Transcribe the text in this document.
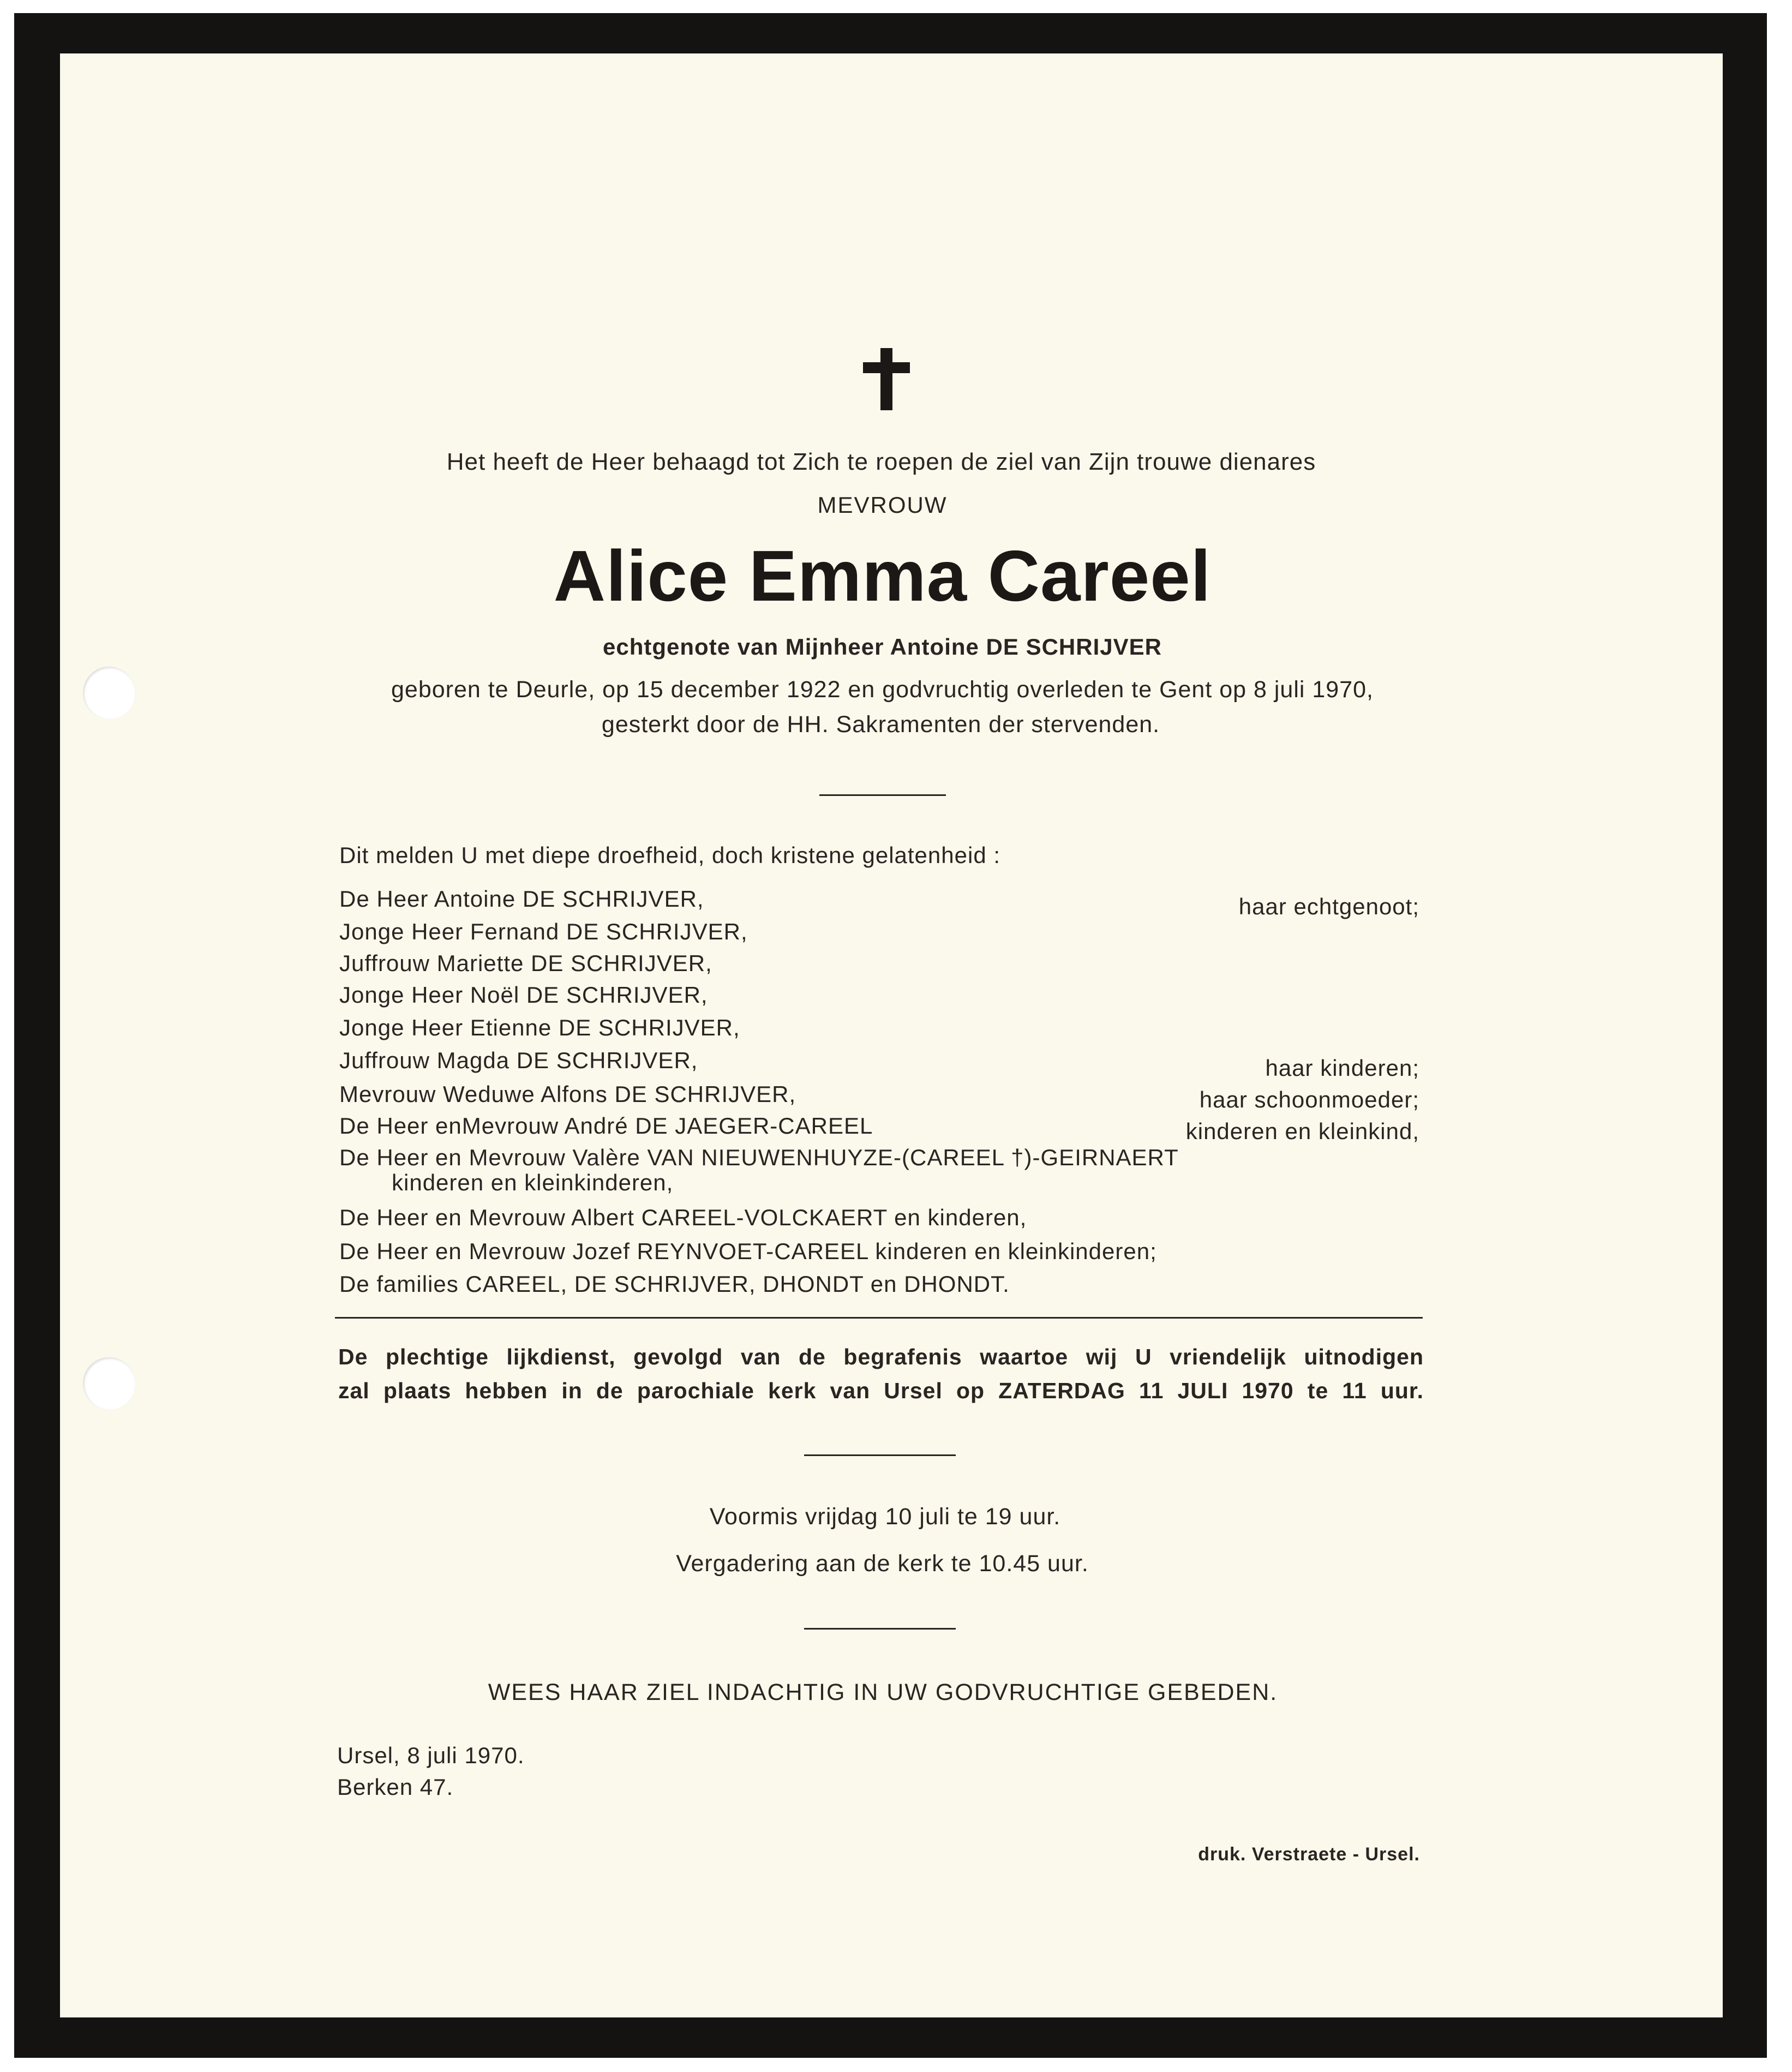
Het heeft de Heer behaagd tot Zich te roepen de ziel van Zijn trouwe dienares
MEVROUW
Alice Emma Careel
echtgenote van Mijnheer Antoine DE SCHRIJVER
geboren te Deurle, op 15 december 1922 en godvruchtig overleden te Gent op 8 juli 1970,
gesterkt door de HH. Sakramenten der stervenden.
Dit melden U met diepe droefheid, doch kristene gelatenheid :
De Heer Antoine DE SCHRIJVER,	haar echtgenoot;
Jonge Heer Fernand DE SCHRIJVER,
Juffrouw Mariette DE SCHRIJVER,
Jonge Heer Noël DE SCHRIJVER,
Jonge Heer Etienne DE SCHRIJVER,
Juffrouw Magda DE SCHRIJVER,	haar kinderen;
Mevrouw Weduwe Alfons DE SCHRIJVER,	haar schoonmoeder;
De Heer enMevrouw André DE JAEGER-CAREEL	kinderen en kleinkind,
De Heer en Mevrouw Valère VAN NIEUWENHUYZE-(CAREEL †)-GEIRNAERT
kinderen en kleinkinderen,
De Heer en Mevrouw Albert CAREEL-VOLCKAERT en kinderen,
De Heer en Mevrouw Jozef REYNVOET-CAREEL kinderen en kleinkinderen;
De families CAREEL, DE SCHRIJVER, DHONDT en DHONDT.
De plechtige lijkdienst, gevolgd van de begrafenis waartoe wij U vriendelijk uitnodigen
zal plaats hebben in de parochiale kerk van Ursel op ZATERDAG 11 JULI 1970 te 11 uur.
Voormis vrijdag 10 juli te 19 uur.
Vergadering aan de kerk te 10.45 uur.
WEES HAAR ZIEL INDACHTIG IN UW GODVRUCHTIGE GEBEDEN.
Ursel, 8 juli 1970.
Berken 47.
druk. Verstraete - Ursel.
